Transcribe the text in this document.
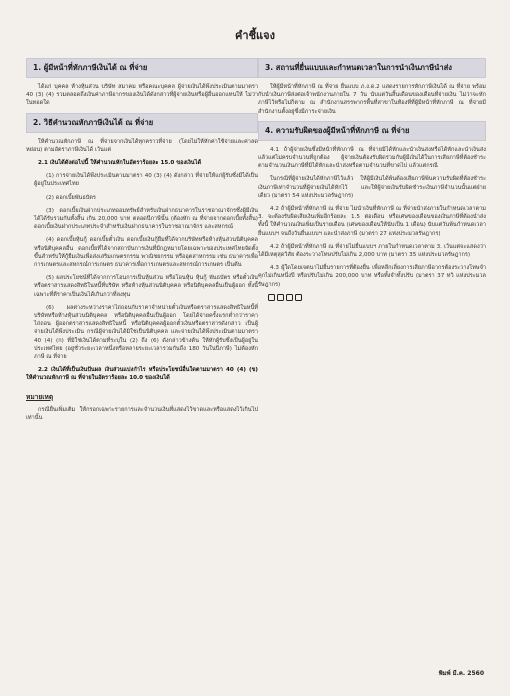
คำชี้แจง
1. ผู้มีหน้าที่หักภาษีเงินได้ ณ ที่จ่าย

ได้แก่ บุคคล ห้างหุ้นส่วน บริษัท สมาคม หรือคณะบุคคล ผู้จ่ายเงินได้พึงประเมินตามมาตรา 40 (3) (4) รวมตลอดถึงเงินค่าภาษีอากรของเงินได้ดังกล่าวที่ผู้จ่ายเงินหรือผู้อื่นออกแทนให้ ไม่ว่าในทอดใด

2. วิธีคำนวณหักภาษีเงินได้ ณ ที่จ่าย

ให้คำนวณหักภาษี ณ ที่จ่ายจากเงินได้ทุกคราวที่จ่าย (โดยไม่ให้หักค่าใช้จ่ายและค่าลดหย่อน) ตามอัตราภาษีเงินได้ เว้นแต่

2.1 เงินได้ดังต่อไปนี้ ให้คำนวณหักในอัตราร้อยละ 15.0 ของเงินได้

(1) การจ่ายเงินได้พึงประเมินตามมาตรา 40 (3) (4) ดังกล่าว ที่จ่ายให้แก่ผู้รับซึ่งมีได้เป็นผู้อยู่ในประเทศไทย

(2) ดอกเบี้ยพันธบัตร

(3) ดอกเบี้ยเงินฝากประเภทออมทรัพย์สำหรับเงินฝากธนาคารในราชอาณาจักรซึ่งผู้มีเงินได้ได้รับรวมกันทั้งสิ้น เกิน 20,000 บาท ตลอดปีภาษีนั้น (ต้องหัก ณ ที่จ่ายจากดอกเบี้ยทั้งสิ้น) ดอกเบี้ยเงินฝากประเภทประจำสำหรับเงินฝากธนาคารในราชอาณาจักร และสหกรณ์

(4) ดอกเบี้ยหุ้นกู้ ดอกเบี้ยตั๋วเงิน ดอกเบี้ยเงินกู้ยืมที่ได้จากบริษัทหรือห้างหุ้นส่วนนิติบุคคลหรือนิติบุคคลอื่น ดอกเบี้ยที่ได้จากสถาบันการเงินที่มีกฎหมายโดยเฉพาะของประเทศไทยจัดตั้งขึ้นสำหรับให้กู้ยืมเงินเพื่อส่งเสริมเกษตรกรรม พาณิชยกรรม หรืออุตสาหกรรม เช่น ธนาคารเพื่อการเกษตรและสหกรณ์การเกษตร ธนาคารเพื่อการเกษตรและสหกรณ์การเกษตร เป็นต้น

(5) ผลประโยชน์ที่ได้จากการโอนการเป็นหุ้นส่วน หรือโอนหุ้น หุ้นกู้ พันธบัตร หรือตั๋วเงิน หรือตราสารแสดงสิทธิในหนี้ที่บริษัท หรือห้างหุ้นส่วนนิติบุคคล หรือนิติบุคคลอื่นเป็นผู้ออก ทั้งนี้ เฉพาะที่ตีราคาเป็นเงินได้เกินกว่าที่ลงทุน

(6) ผลต่างระหว่างราคาไถ่ถอนกับราคาจำหน่ายตั๋วเงินหรือตราสารแสดงสิทธิในหนี้ที่บริษัทหรือห้างหุ้นส่วนนิติบุคคล หรือนิติบุคคลอื่นเป็นผู้ออก โดยได้จ่ายครั้งแรกต่ำกว่าราคาไถ่ถอน ผู้ออกตราสารแสดงสิทธิในหนี้ หรือนิติบุคคลผู้ออกตั๋วเงินหรือตราสารดังกล่าว เป็นผู้จ่ายเงินได้พึงประเมิน กรณีผู้จ่ายเงินได้มิใช่เป็นนิติบุคคล และจ่ายเงินได้พึงประเมินตามมาตรา 40 (4) (ก) ที่มิใช่เงินได้ตามที่ระบุใน (2) ถึง (6) ดังกล่าวข้างต้น ให้หักผู้รับซึ่งเป็นผู้อยู่ในประเทศไทย (อยู่ชั่วระยะเวลาหนึ่งหรือหลายระยะเวลารวมกันถึง 180 วันในปีภาษี) ไม่ต้องหักภาษี ณ ที่จ่าย

2.2 เงินได้ที่เป็นเงินปันผล เงินส่วนแบ่งกำไร หรือประโยชน์อื่นใดตามมาตรา 40 (4) (ข) ให้คำนวณหักภาษี ณ ที่จ่ายในอัตราร้อยละ 10.0 ของเงินได้

หมายเหตุ

กรณียื่นเพิ่มเติม ให้กรอกเฉพาะรายการและจำนวนเงินที่แสดงไว้ขาดและหรือแสดงไว้เกินไปเท่านั้น

3. สถานที่ยื่นแบบและกำหนดเวลาในการนำเงินภาษีนำส่ง

ให้ผู้มีหน้าที่หักภาษี ณ ที่จ่าย ยื่นแบบ ภ.ง.ด.2 แสดงรายการหักภาษีเงินได้ ณ ที่จ่าย พร้อมกับนำเงินภาษีส่งต่อเจ้าพนักงานภายใน 7 วัน นับแต่วันสิ้นเดือนของเดือนที่จ่ายเงิน ไม่ว่าจะหักภาษีไว้หรือไม่ก็ตาม ณ สำนักงานสรรพากรพื้นที่สาขาในท้องที่ที่ผู้มีหน้าที่หักภาษี ณ ที่จ่ายมีสำนักงานตั้งอยู่ซึ่งมีภาระจ่ายเงิน

4. ความรับผิดของผู้มีหน้าที่หักภาษี ณ ที่จ่าย

4.1 ถ้าผู้จ่ายเงินซึ่งมีหน้าที่หักภาษี ณ ที่จ่ายมิได้หักและนำเงินส่งหรือได้หักและนำเงินส่งแล้วแต่ไม่ครบจำนวนที่ถูกต้อง ผู้จ่ายเงินต้องรับผิดร่วมกับผู้มีเงินได้ในการเสียภาษีที่ต้องชำระตามจำนวนเงินภาษีที่มิได้หักและนำส่งหรือตามจำนวนที่ขาดไป แล้วแต่กรณี

ในกรณีที่ผู้จ่ายเงินได้หักภาษีไว้แล้ว ให้ผู้มีเงินได้พ้นต้องเสียภาษีพ้นความรับผิดที่ต้องชำระเงินภาษีเท่าจำนวนที่ผู้จ่ายเงินได้หักไว้ และให้ผู้จ่ายเงินรับผิดชำระเงินภาษีจำนวนนั้นแต่ฝ่ายเดียว (มาตรา 54 แห่งประมวลรัษฎากร)

4.2 ถ้าผู้มีหน้าที่หักภาษี ณ ที่จ่าย ไม่นำเงินที่หักภาษี ณ ที่จ่ายนำส่งภายในกำหนดเวลาตาม 3. จะต้องรับผิดเสียเงินเพิ่มอีกร้อยละ 1.5 ต่อเดือน หรือเศษของเดือนของเงินภาษีที่ต้องนำส่ง ทั้งนี้ ให้คำนวณเงินเพิ่มเป็นรายเดือน (เศษของเดือนให้นับเป็น 1 เดือน) นับแต่วันพ้นกำหนดเวลายื่นแบบฯ จนถึงวันยื่นแบบฯ และนำส่งภาษี (มาตรา 27 แห่งประมวลรัษฎากร)

4.2 ถ้าผู้มีหน้าที่หักภาษี ณ ที่จ่ายไม่ยื่นแบบฯ ภายในกำหนดเวลาตาม 3. เว้นแต่จะแสดงว่าได้มีเหตุสุดวิสัย ต้องระวางโทษปรับไม่เกิน 2,000 บาท (มาตรา 35 แห่งประมวลรัษฎากร)

4.3 ผู้ใดโดยเจตนาไม่ยื่นรายการที่ต้องยื่น เพื่อหลีกเลี่ยงการเสียภาษีอากรต้องระวางโทษจำคุกไม่เกินหนึ่งปี หรือปรับไม่เกิน 200,000 บาท หรือทั้งจำทั้งปรับ (มาตรา 37 ทวิ แห่งประมวลรัษฎากร)

พิมพ์ มี.ค. 2560
